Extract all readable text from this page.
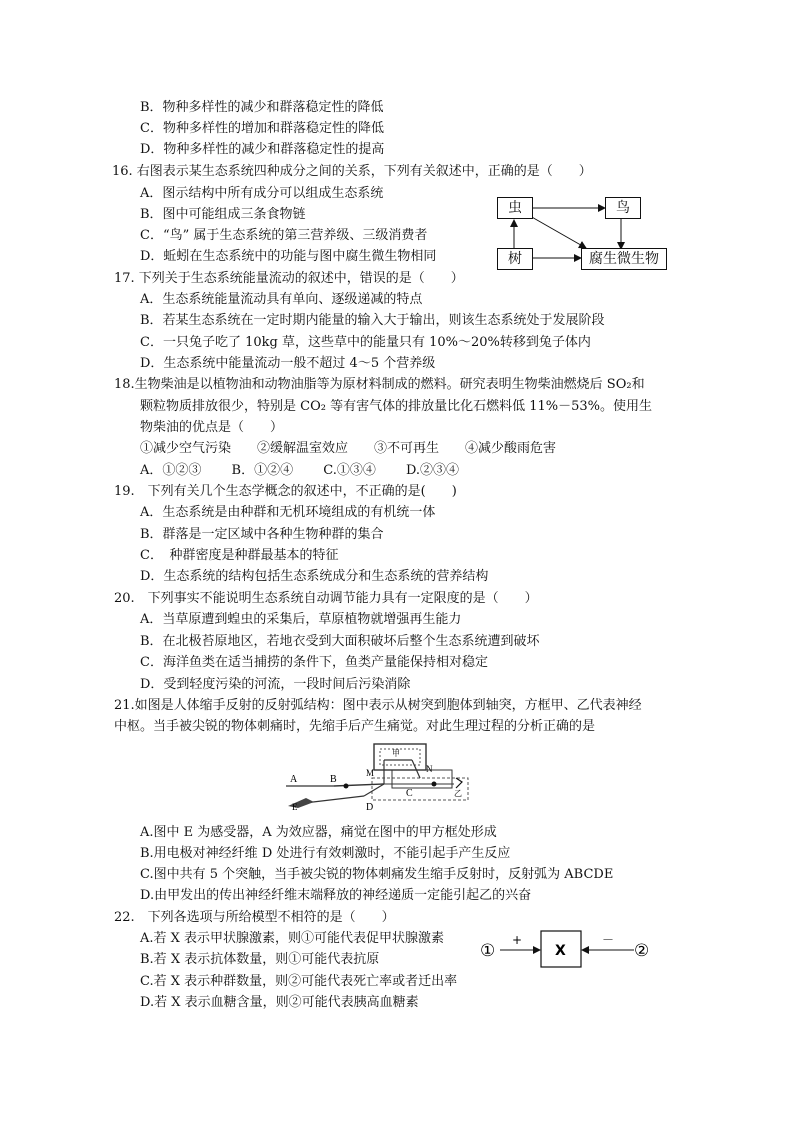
B．物种多样性的减少和群落稳定性的降低
C．物种多样性的增加和群落稳定性的降低
D．物种多样性的减少和群落稳定性的提高
16. 右图表示某生态系统四种成分之间的关系，下列有关叙述中，正确的是（　　）
A．图示结构中所有成分可以组成生态系统
B．图中可能组成三条食物链
C．“鸟” 属于生态系统的第三营养级、三级消费者
D．蚯蚓在生态系统中的功能与图中腐生微生物相同
虫	鸟
树	腐生微生物
17. 下列关于生态系统能量流动的叙述中，错误的是（　　）
A．生态系统能量流动具有单向、逐级递减的特点
B．若某生态系统在一定时期内能量的输入大于输出，则该生态系统处于发展阶段
C．一只兔子吃了 10kg 草，这些草中的能量只有 10%～20%转移到兔子体内
D．生态系统中能量流动一般不超过 4～5 个营养级
18.生物柴油是以植物油和动物油脂等为原材料制成的燃料。研究表明生物柴油燃烧后 SO₂和
颗粒物质排放很少，特别是 CO₂ 等有害气体的排放量比化石燃料低 11%－53%。使用生
物柴油的优点是（　　）
①减少空气污染　　②缓解温室效应　　③不可再生　　④减少酸雨危害
A．①②③　　 B．①②④　　 C.①③④　　 D.②③④
19.　下列有关几个生态学概念的叙述中，不正确的是(　　)
A．生态系统是由种群和无机环境组成的有机统一体
B．群落是一定区域中各种生物种群的集合
C．　种群密度是种群最基本的特征
D．生态系统的结构包括生态系统成分和生态系统的营养结构
20.　下列事实不能说明生态系统自动调节能力具有一定限度的是（　　）
A．当草原遭到蝗虫的采集后，草原植物就增强再生能力
B．在北极苔原地区，若地衣受到大面积破坏后整个生态系统遭到破坏
C．海洋鱼类在适当捕捞的条件下，鱼类产量能保持相对稳定
D．受到轻度污染的河流，一段时间后污染消除
21.如图是人体缩手反射的反射弧结构：图中表示从树突到胞体到轴突，方框甲、乙代表神经
中枢。当手被尖锐的物体刺痛时，先缩手后产生痛觉。对此生理过程的分析正确的是
A	B
M	N
C
D
E
甲
乙
A.图中 E 为感受器，A 为效应器，痛觉在图中的甲方框处形成
B.用电极对神经纤维 D 处进行有效刺激时，不能引起手产生反应
C.图中共有 5 个突触，当手被尖锐的物体刺痛发生缩手反射时，反射弧为 ABCDE
D.由甲发出的传出神经纤维末端释放的神经递质一定能引起乙的兴奋
22.　下列各选项与所给模型不相符的是（　　）
A.若 X 表示甲状腺激素，则①可能代表促甲状腺激素
B.若 X 表示抗体数量，则①可能代表抗原
C.若 X 表示种群数量，则②可能代表死亡率或者迁出率
D.若 X 表示血糖含量，则②可能代表胰高血糖素
①
+
X
－
②
